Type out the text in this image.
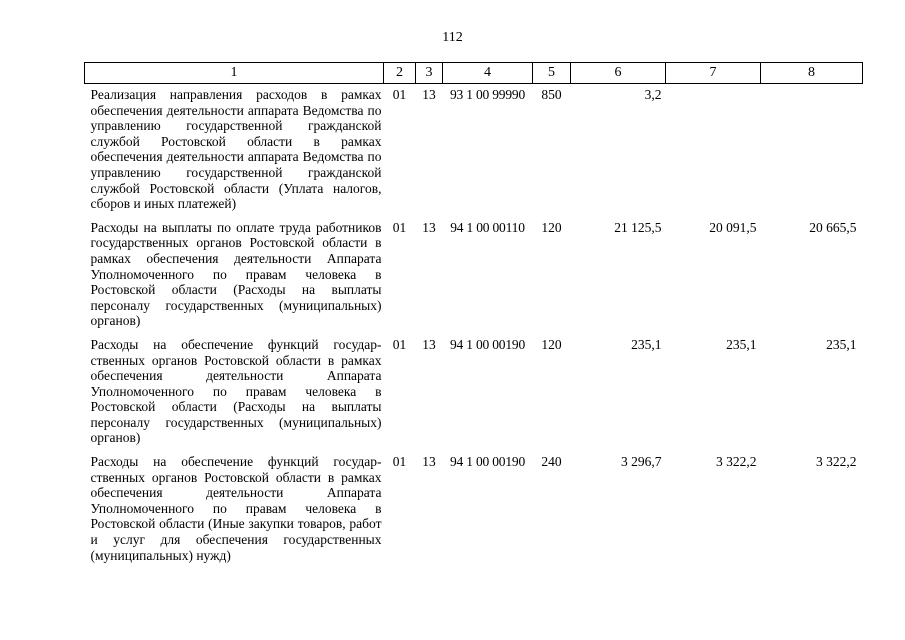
112
1	2	3	4	5	6	7	8
Реализация направления расходов в рамках обеспечения деятельности аппарата Ведомства по управлению государственной гражданской службой Ростовской области в рамках обеспечения деятельности аппарата Ведомства по управлению государственной гражданской службой Ростовской области (Уплата налогов, сборов и иных платежей)	01	13	93 1 00 99990	850	3,2		
Расходы на выплаты по оплате труда работников государственных органов Ростовской области в рамках обеспечения деятельности Аппарата Уполномоченного по правам человека в Ростовской области (Расходы на выплаты персоналу государственных (муниципальных) органов)	01	13	94 1 00 00110	120	21 125,5	20 091,5	20 665,5
Расходы на обеспечение функций государственных органов Ростовской области в рамках обеспечения деятельности Аппарата Уполномоченного по правам человека в Ростовской области (Расходы на выплаты персоналу государственных (муниципальных) органов)	01	13	94 1 00 00190	120	235,1	235,1	235,1
Расходы на обеспечение функций государственных органов Ростовской области в рамках обеспечения деятельности Аппарата Уполномоченного по правам человека в Ростовской области (Иные закупки товаров, работ и услуг для обеспечения государственных (муниципальных) нужд)	01	13	94 1 00 00190	240	3 296,7	3 322,2	3 322,2
